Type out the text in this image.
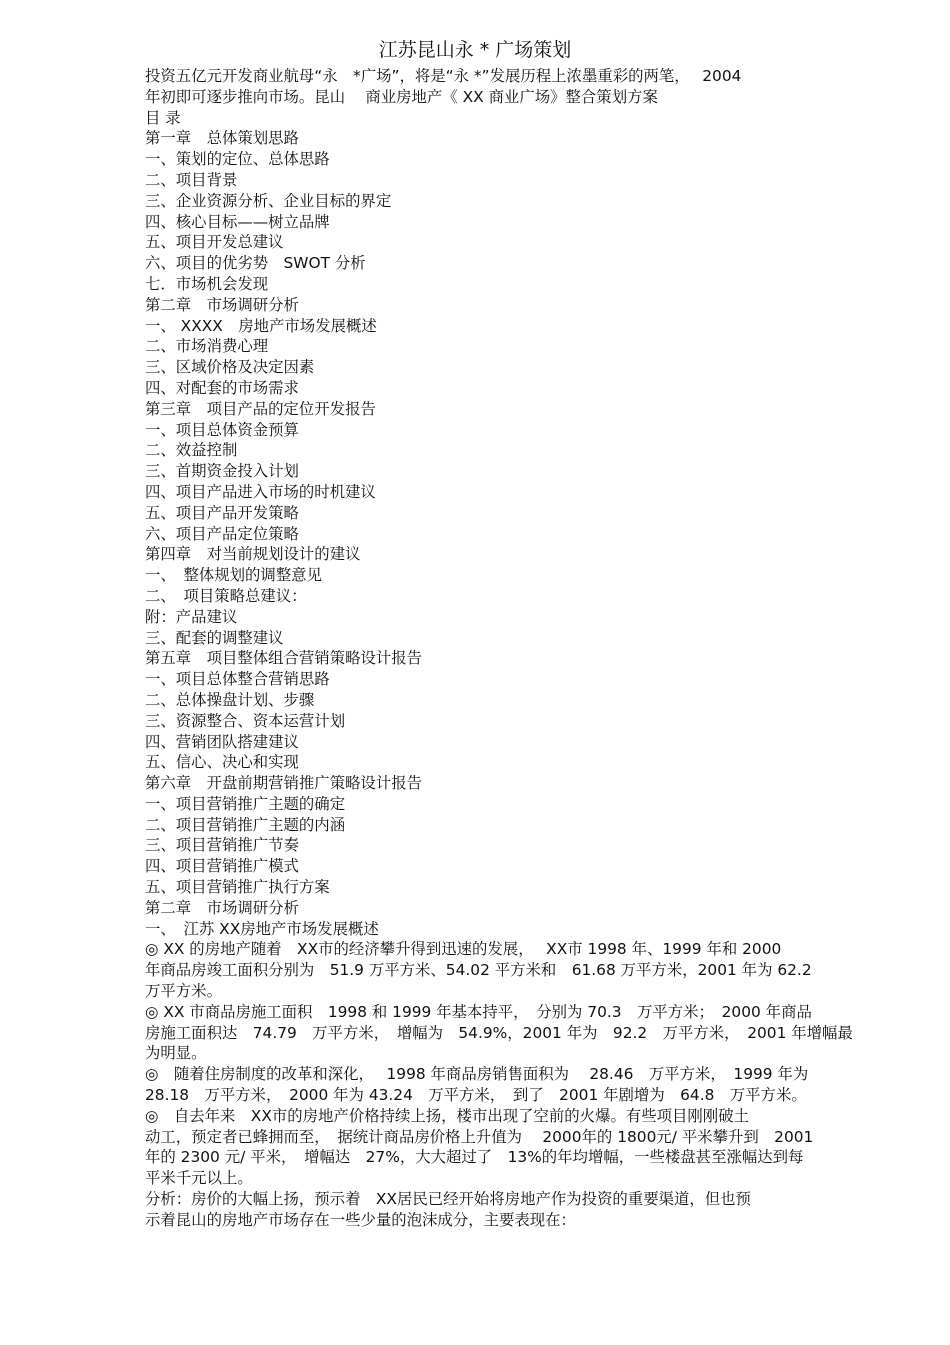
江苏昆山永 * 广场策划
投资五亿元开发商业航母“永　*广场”，将是“永 *”发展历程上浓墨重彩的两笔，　 2004
年初即可逐步推向市场。昆山　 商业房地产《 XX 商业广场》整合策划方案
目 录
第一章　总体策划思路
一、策划的定位、总体思路
二、项目背景
三、企业资源分析、企业目标的界定
四、核心目标——树立品牌
五、项目开发总建议
六、项目的优劣势　SWOT 分析
七．市场机会发现
第二章　市场调研分析
一、 XXXX　房地产市场发展概述
二、市场消费心理
三、区域价格及决定因素
四、对配套的市场需求
第三章　项目产品的定位开发报告
一、项目总体资金预算
二、效益控制
三、首期资金投入计划
四、项目产品进入市场的时机建议
五、项目产品开发策略
六、项目产品定位策略
第四章　对当前规划设计的建议
一、　整体规划的调整意见
二、　项目策略总建议：
附：产品建议
三、配套的调整建议
第五章　项目整体组合营销策略设计报告
一、项目总体整合营销思路
二、总体操盘计划、步骤
三、资源整合、资本运营计划
四、营销团队搭建建议
五、信心、决心和实现
第六章　开盘前期营销推广策略设计报告
一、项目营销推广主题的确定
二、项目营销推广主题的内涵
三、项目营销推广节奏
四、项目营销推广模式
五、项目营销推广执行方案
第二章　市场调研分析
一、　江苏 XX房地产市场发展概述
◎ XX 的房地产随着　XX市的经济攀升得到迅速的发展，　 XX市 1998 年、1999 年和 2000
年商品房竣工面积分别为　51.9 万平方米、54.02 平方米和　61.68 万平方米，2001 年为 62.2
万平方米。
◎ XX 市商品房施工面积　1998 和 1999 年基本持平，　分别为 70.3　万平方米；　2000 年商品
房施工面积达　74.79　万平方米，　增幅为　54.9%，2001 年为　92.2　万平方米，　2001 年增幅最
为明显。
◎　随着住房制度的改革和深化，　 1998 年商品房销售面积为　 28.46　万平方米，　1999 年为
28.18　万平方米，　2000 年为 43.24　万平方米，　到了　2001 年剧增为　64.8　万平方米。
◎　自去年来　XX市的房地产价格持续上扬，楼市出现了空前的火爆。有些项目刚刚破土
动工，预定者已蜂拥而至，　据统计商品房价格上升值为　 2000年的 1800元/ 平米攀升到　2001
年的 2300 元/ 平米，　增幅达　27%，大大超过了　13%的年均增幅，一些楼盘甚至涨幅达到每
平米千元以上。
分析：房价的大幅上扬，预示着　XX居民已经开始将房地产作为投资的重要渠道，但也预
示着昆山的房地产市场存在一些少量的泡沫成分，主要表现在：
